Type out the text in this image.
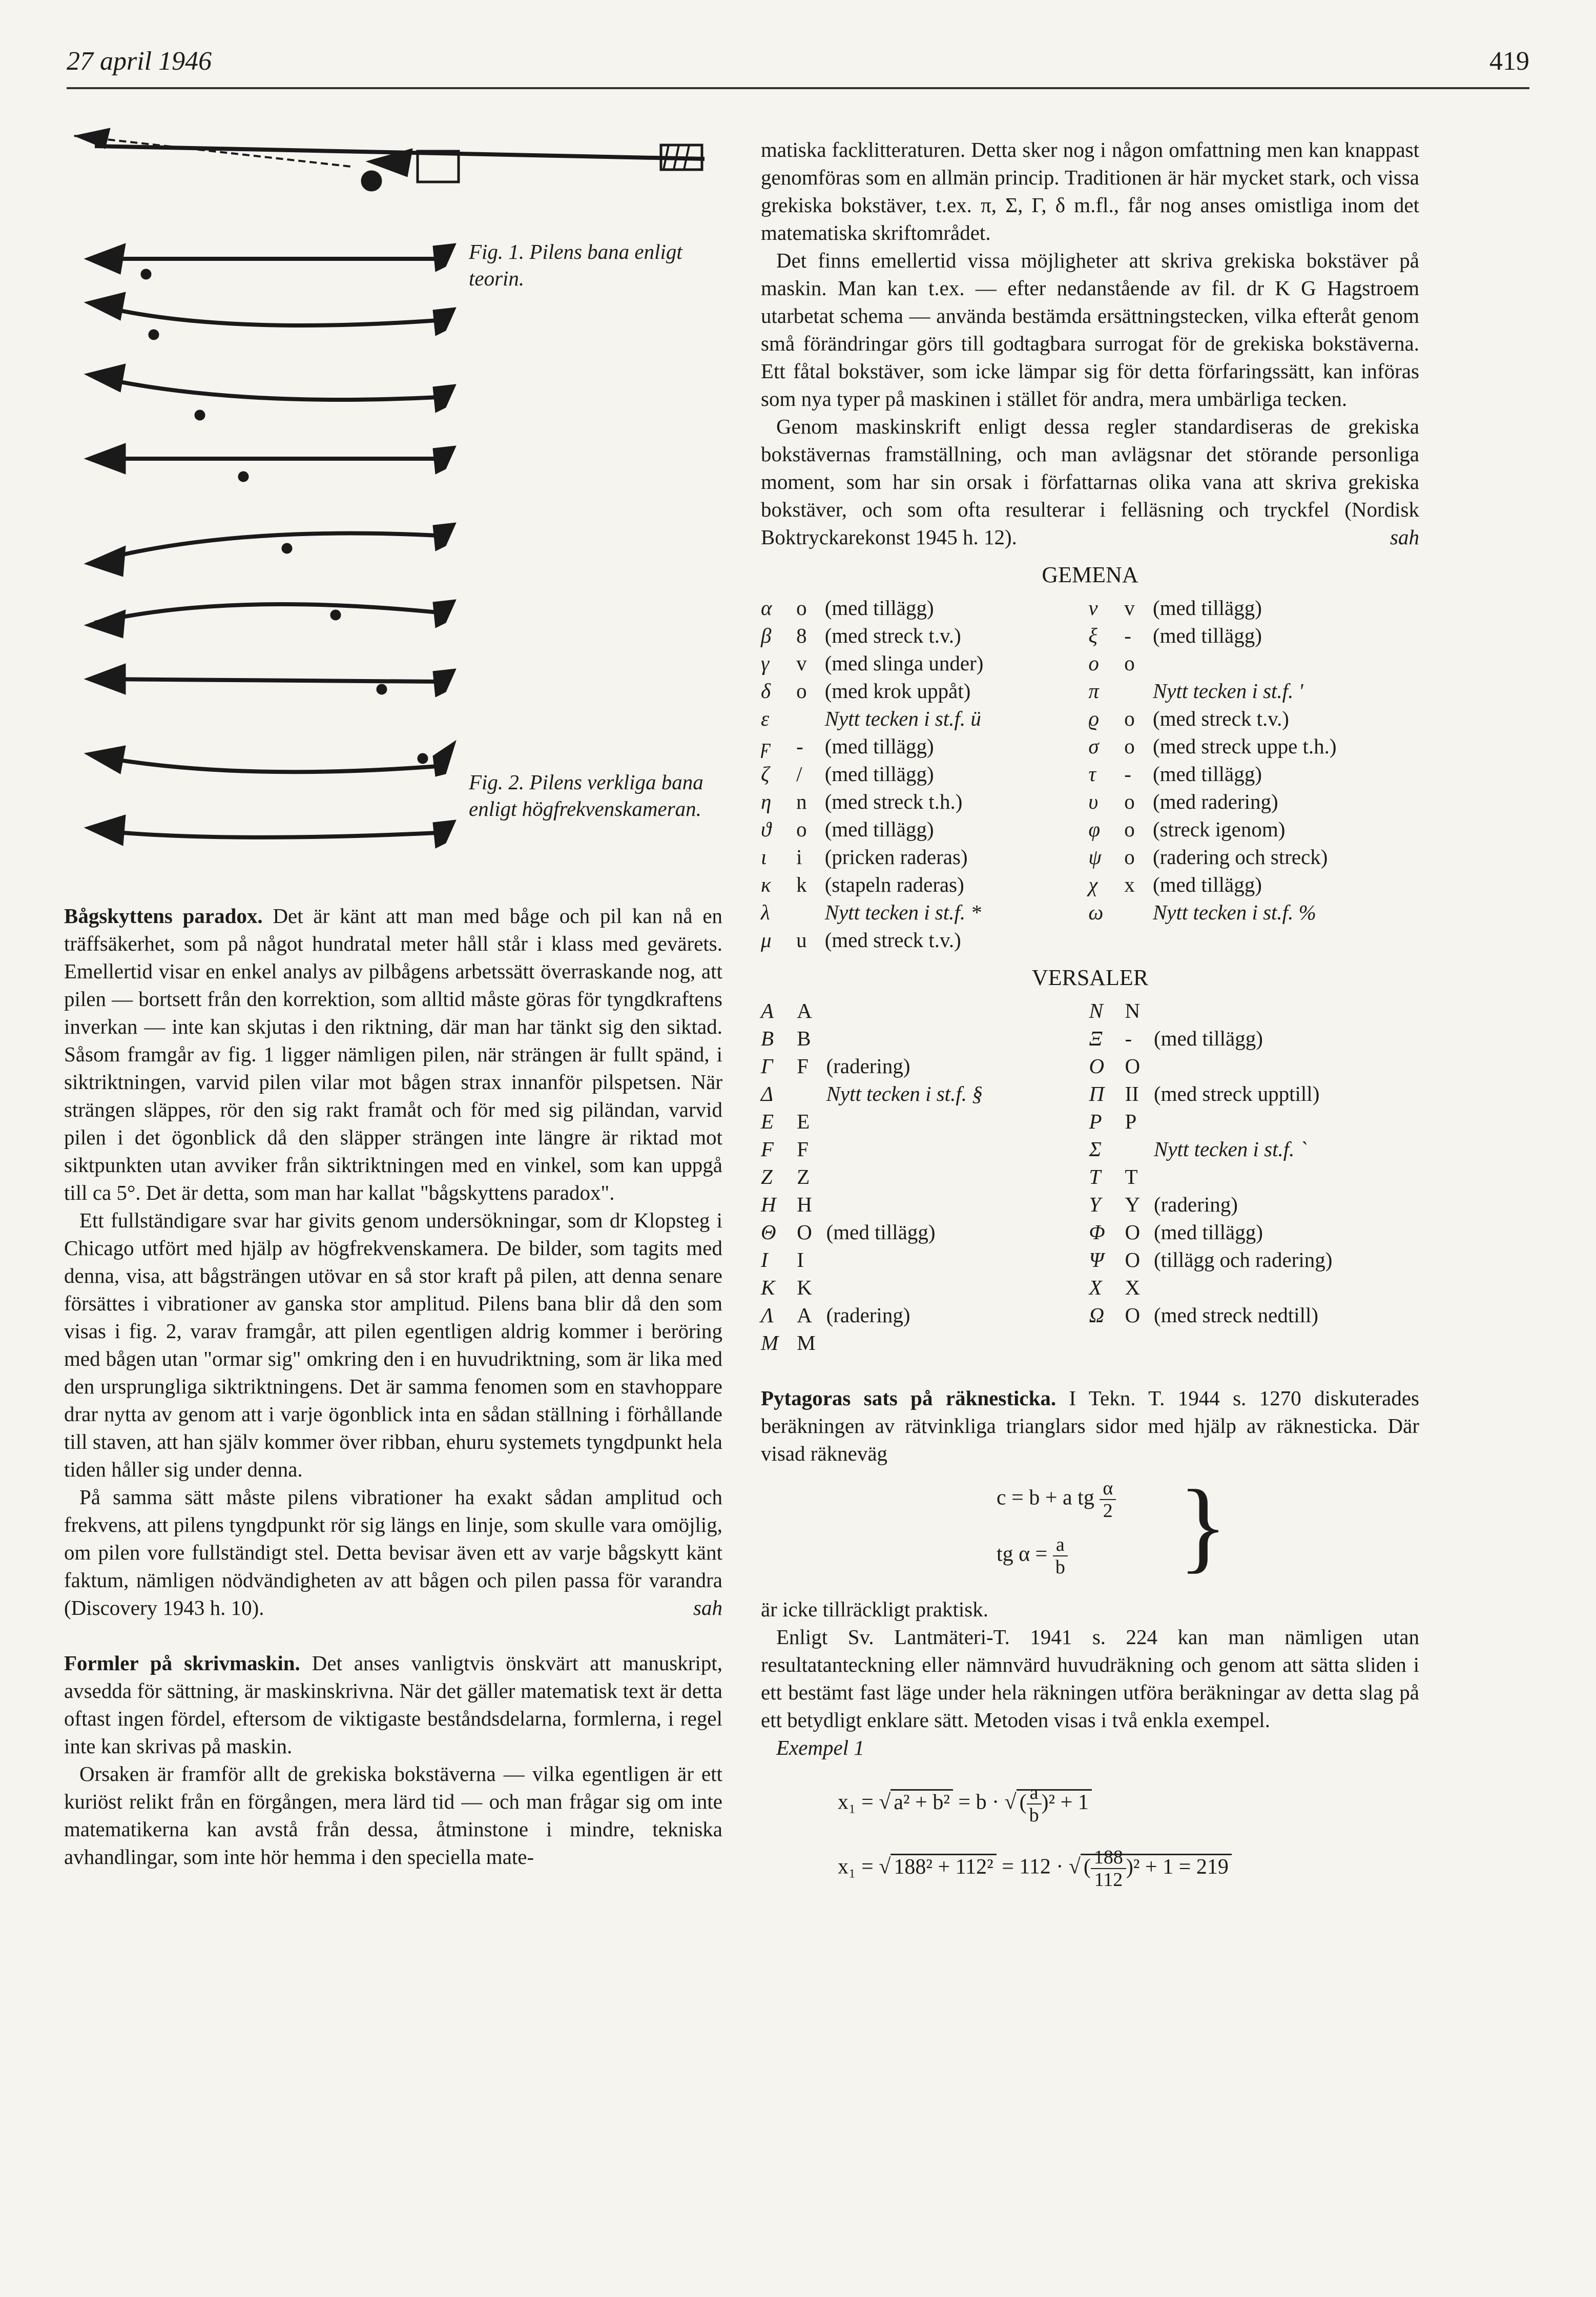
27 april 1946	419
Fig. 1. Pilens bana enligt teorin.
Fig. 2. Pilens verkliga bana enligt högfrekvenskameran.

Bågskyttens paradox. Det är känt att man med båge och pil kan nå en träffsäkerhet, som på något hundratal meter håll står i klass med gevärets. Emellertid visar en enkel analys av pilbågens arbetssätt överraskande nog, att pilen — bortsett från den korrektion, som alltid måste göras för tyngdkraftens inverkan — inte kan skjutas i den riktning, där man har tänkt sig den siktad. Såsom framgår av fig. 1 ligger nämligen pilen, när strängen är fullt spänd, i siktriktningen, varvid pilen vilar mot bågen strax innanför pilspetsen. När strängen släppes, rör den sig rakt framåt och för med sig piländan, varvid pilen i det ögonblick då den släpper strängen inte längre är riktad mot siktpunkten utan avviker från siktriktningen med en vinkel, som kan uppgå till ca 5°. Det är detta, som man har kallat "bågskyttens paradox".

Ett fullständigare svar har givits genom undersökningar, som dr Klopsteg i Chicago utfört med hjälp av högfrekvenskamera. De bilder, som tagits med denna, visa, att bågsträngen utövar en så stor kraft på pilen, att denna senare försättes i vibrationer av ganska stor amplitud. Pilens bana blir då den som visas i fig. 2, varav framgår, att pilen egentligen aldrig kommer i beröring med bågen utan "ormar sig" omkring den i en huvudriktning, som är lika med den ursprungliga siktriktningens. Det är samma fenomen som en stavhoppare drar nytta av genom att i varje ögonblick inta en sådan ställning i förhållande till staven, att han själv kommer över ribban, ehuru systemets tyngdpunkt hela tiden håller sig under denna.

På samma sätt måste pilens vibrationer ha exakt sådan amplitud och frekvens, att pilens tyngdpunkt rör sig längs en linje, som skulle vara omöjlig, om pilen vore fullständigt stel. Detta bevisar även ett av varje bågskytt känt faktum, nämligen nödvändigheten av att bågen och pilen passa för varandra (Discovery 1943 h. 10).	sah

Formler på skrivmaskin. Det anses vanligtvis önskvärt att manuskript, avsedda för sättning, är maskinskrivna. När det gäller matematisk text är detta oftast ingen fördel, eftersom de viktigaste beståndsdelarna, formlerna, i regel inte kan skrivas på maskin.

Orsaken är framför allt de grekiska bokstäverna — vilka egentligen är ett kuriöst relikt från en förgången, mera lärd tid — och man frågar sig om inte matematikerna kan avstå från dessa, åtminstone i mindre, tekniska avhandlingar, som inte hör hemma i den speciella mate-

matiska facklitteraturen. Detta sker nog i någon omfattning men kan knappast genomföras som en allmän princip. Traditionen är här mycket stark, och vissa grekiska bokstäver, t.ex. π, Σ, Γ, δ m.fl., får nog anses omistliga inom det matematiska skriftområdet.

Det finns emellertid vissa möjligheter att skriva grekiska bokstäver på maskin. Man kan t.ex. — efter nedanstående av fil. dr K G Hagstroem utarbetat schema — använda bestämda ersättningstecken, vilka efteråt genom små förändringar görs till godtagbara surrogat för de grekiska bokstäverna. Ett fåtal bokstäver, som icke lämpar sig för detta förfaringssätt, kan införas som nya typer på maskinen i stället för andra, mera umbärliga tecken.

Genom maskinskrift enligt dessa regler standardiseras de grekiska bokstävernas framställning, och man avlägsnar det störande personliga moment, som har sin orsak i författarnas olika vana att skriva grekiska bokstäver, och som ofta resulterar i felläsning och tryckfel (Nordisk Boktryckarekonst 1945 h. 12).	sah

GEMENA
α	o	(med tillägg)	ν	v	(med tillägg)
β	8	(med streck t.v.)	ξ	-	(med tillägg)
γ	v	(med slinga under)	o	o	
δ	o	(med krok uppåt)	π		Nytt tecken i st.f. '
ε		Nytt tecken i st.f. ü	ϱ	o	(med streck t.v.)
ϝ	-	(med tillägg)	σ	o	(med streck uppe t.h.)
ζ	/	(med tillägg)	τ	-	(med tillägg)
η	n	(med streck t.h.)	υ	o	(med radering)
ϑ	o	(med tillägg)	φ	o	(streck igenom)
ι	i	(pricken raderas)	ψ	o	(radering och streck)
κ	k	(stapeln raderas)	χ	x	(med tillägg)
λ		Nytt tecken i st.f. *	ω		Nytt tecken i st.f. %
μ	u	(med streck t.v.)			
VERSALER
Α	A		Ν	N	
Β	B		Ξ	-	(med tillägg)
Γ	F	(radering)	Ο	O	
Δ		Nytt tecken i st.f. §	Π	II	(med streck upptill)
Ε	E		Ρ	P	
F	F		Σ		Nytt tecken i st.f. `
Ζ	Z		Τ	T	
Η	H		Υ	Y	(radering)
Θ	O	(med tillägg)	Φ	O	(med tillägg)
Ι	I		Ψ	O	(tillägg och radering)
Κ	K		Χ	X	
Λ	A	(radering)	Ω	O	(med streck nedtill)
Μ	M				

Pytagoras sats på räknesticka. I Tekn. T. 1944 s. 1270 diskuterades beräkningen av rätvinkliga trianglars sidor med hjälp av räknesticka. Där visad räkneväg

c = b + a tg $\frac{\alpha}{2}$
tg $\alpha = \frac{a}{b}$ }

är icke tillräckligt praktisk.

Enligt Sv. Lantmäteri-T. 1941 s. 224 kan man nämligen utan resultatanteckning eller nämnvärd huvudräkning och genom att sätta sliden i ett bestämt fast läge under hela räkningen utföra beräkningar av detta slag på ett betydligt enklare sätt. Metoden visas i två enkla exempel.

Exempel 1

x₁ = √ a² + b² = b · √ ( $\frac{a}{b} )^2 + 1$
x₁ = √ 188² + 112² = 112 · √ ( $\frac{188}{112} )^2 + 1 = 219$
